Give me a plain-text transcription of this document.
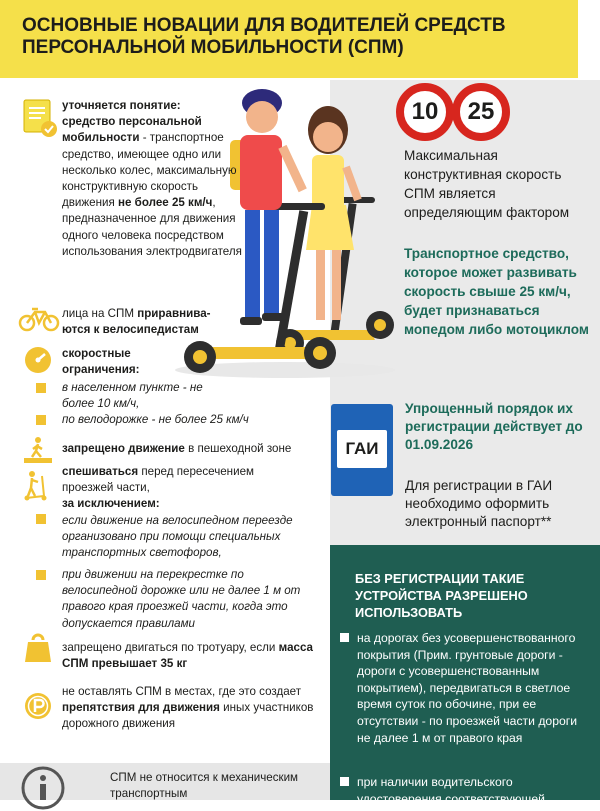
ОСНОВНЫЕ НОВАЦИИ ДЛЯ ВОДИТЕЛЕЙ СРЕДСТВ ПЕРСОНАЛЬНОЙ МОБИЛЬНОСТИ (СПМ)
уточняется понятие:
средство персональной мобильности - транспортное средство, имеющее одно или несколько колес, максимальную конструктивную скорость движения не более 25 км/ч, предназначенное для движения одного человека посредством использования электродвигателя
лица на СПМ приравнива-ются к велосипедистам
скоростные ограничения:
в населенном пункте - не более 10 км/ч,
по велодорожке - не более 25 км/ч
запрещено движение в пешеходной зоне
спешиваться перед пересечением проезжей части,
за исключением:
если движение на велосипедном переезде организовано при помощи специальных транспортных светофоров,
при движении на перекрестке по велосипедной дорожке или не далее 1 м от правого края проезжей части, когда это допускается правилами
запрещено двигаться по тротуару, если масса СПМ превышает 35 кг
не оставлять СПМ в местах, где это создает препятствия для движения иных участников дорожного движения
СПМ не относится к механическим транспортным
10 25
Максимальная конструктивная скорость СПМ является определяющим фактором
Транспортное средство, которое может развивать скорость свыше 25 км/ч, будет признаваться мопедом либо мотоциклом
ГАИ
Упрощенный порядок их регистрации действует до 01.09.2026
Для регистрации в ГАИ необходимо оформить электронный паспорт**
БЕЗ РЕГИСТРАЦИИ ТАКИЕ УСТРОЙСТВА РАЗРЕШЕНО ИСПОЛЬЗОВАТЬ
на дорогах без усовершенствованного покрытия (Прим. грунтовые дороги - дороги с усовершенствованным покрытием), передвигаться в светлое время суток по обочине, при ее отсутствии - по проезжей части дороги не далее 1 м от правого края
при наличии водительского удостоверения соответствующей
